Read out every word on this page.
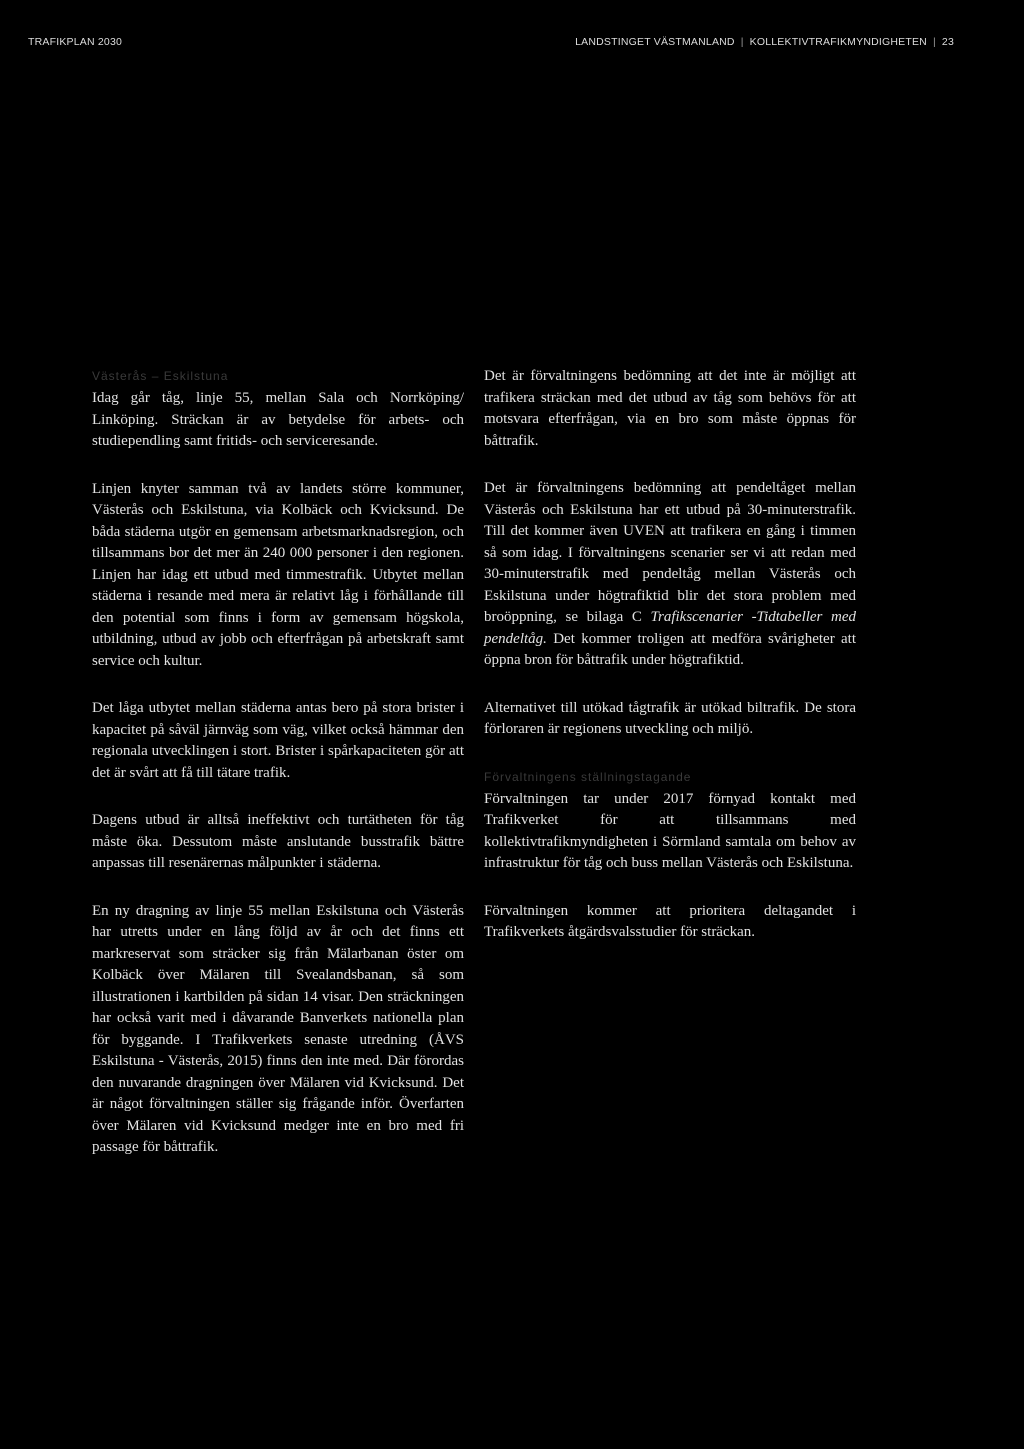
TRAFIKPLAN 2030	LANDSTINGET VÄSTMANLAND | KOLLEKTIVTRAFIKMYNDIGHETEN | 23
Västerås – Eskilstuna

Idag går tåg, linje 55, mellan Sala och Norrköping/ Linköping. Sträckan är av betydelse för arbets- och studiependling samt fritids- och serviceresande.

Linjen knyter samman två av landets större kommuner, Västerås och Eskilstuna, via Kolbäck och Kvicksund. De båda städerna utgör en gemensam arbetsmarknadsregion, och tillsammans bor det mer än 240 000 personer i den regionen. Linjen har idag ett utbud med timmestrafik. Utbytet mellan städerna i resande med mera är relativt låg i förhållande till den potential som finns i form av gemensam högskola, utbildning, utbud av jobb och efterfrågan på arbetskraft samt service och kultur.

Det låga utbytet mellan städerna antas bero på stora brister i kapacitet på såväl järnväg som väg, vilket också hämmar den regionala utvecklingen i stort. Brister i spårkapaciteten gör att det är svårt att få till tätare trafik.

Dagens utbud är alltså ineffektivt och turtätheten för tåg måste öka. Dessutom måste anslutande busstrafik bättre anpassas till resenärernas målpunkter i städerna.

En ny dragning av linje 55 mellan Eskilstuna och Västerås har utretts under en lång följd av år och det finns ett markreservat som sträcker sig från Mälarbanan öster om Kolbäck över Mälaren till Svealandsbanan, så som illustrationen i kartbilden på sidan 14 visar. Den sträckningen har också varit med i dåvarande Banverkets nationella plan för byggande. I Trafikverkets senaste utredning (ÅVS Eskilstuna - Västerås, 2015) finns den inte med. Där förordas den nuvarande dragningen över Mälaren vid Kvicksund. Det är något förvaltningen ställer sig frågande inför. Överfarten över Mälaren vid Kvicksund medger inte en bro med fri passage för båttrafik.

Det är förvaltningens bedömning att det inte är möjligt att trafikera sträckan med det utbud av tåg som behövs för att motsvara efterfrågan, via en bro som måste öppnas för båttrafik.

Det är förvaltningens bedömning att pendeltåget mellan Västerås och Eskilstuna har ett utbud på 30-minuterstrafik. Till det kommer även UVEN att trafikera en gång i timmen så som idag. I förvaltningens scenarier ser vi att redan med 30-minuterstrafik med pendeltåg mellan Västerås och Eskilstuna under högtrafiktid blir det stora problem med broöppning, se bilaga C Trafikscenarier -Tidtabeller med pendeltåg. Det kommer troligen att medföra svårigheter att öppna bron för båttrafik under högtrafiktid.

Alternativet till utökad tågtrafik är utökad biltrafik. De stora förloraren är regionens utveckling och miljö.

Förvaltningens ställningstagande

Förvaltningen tar under 2017 förnyad kontakt med Trafikverket för att tillsammans med kollektivtrafikmyndigheten i Sörmland samtala om behov av infrastruktur för tåg och buss mellan Västerås och Eskilstuna.

Förvaltningen kommer att prioritera deltagandet i Trafikverkets åtgärdsvalsstudier för sträckan.
